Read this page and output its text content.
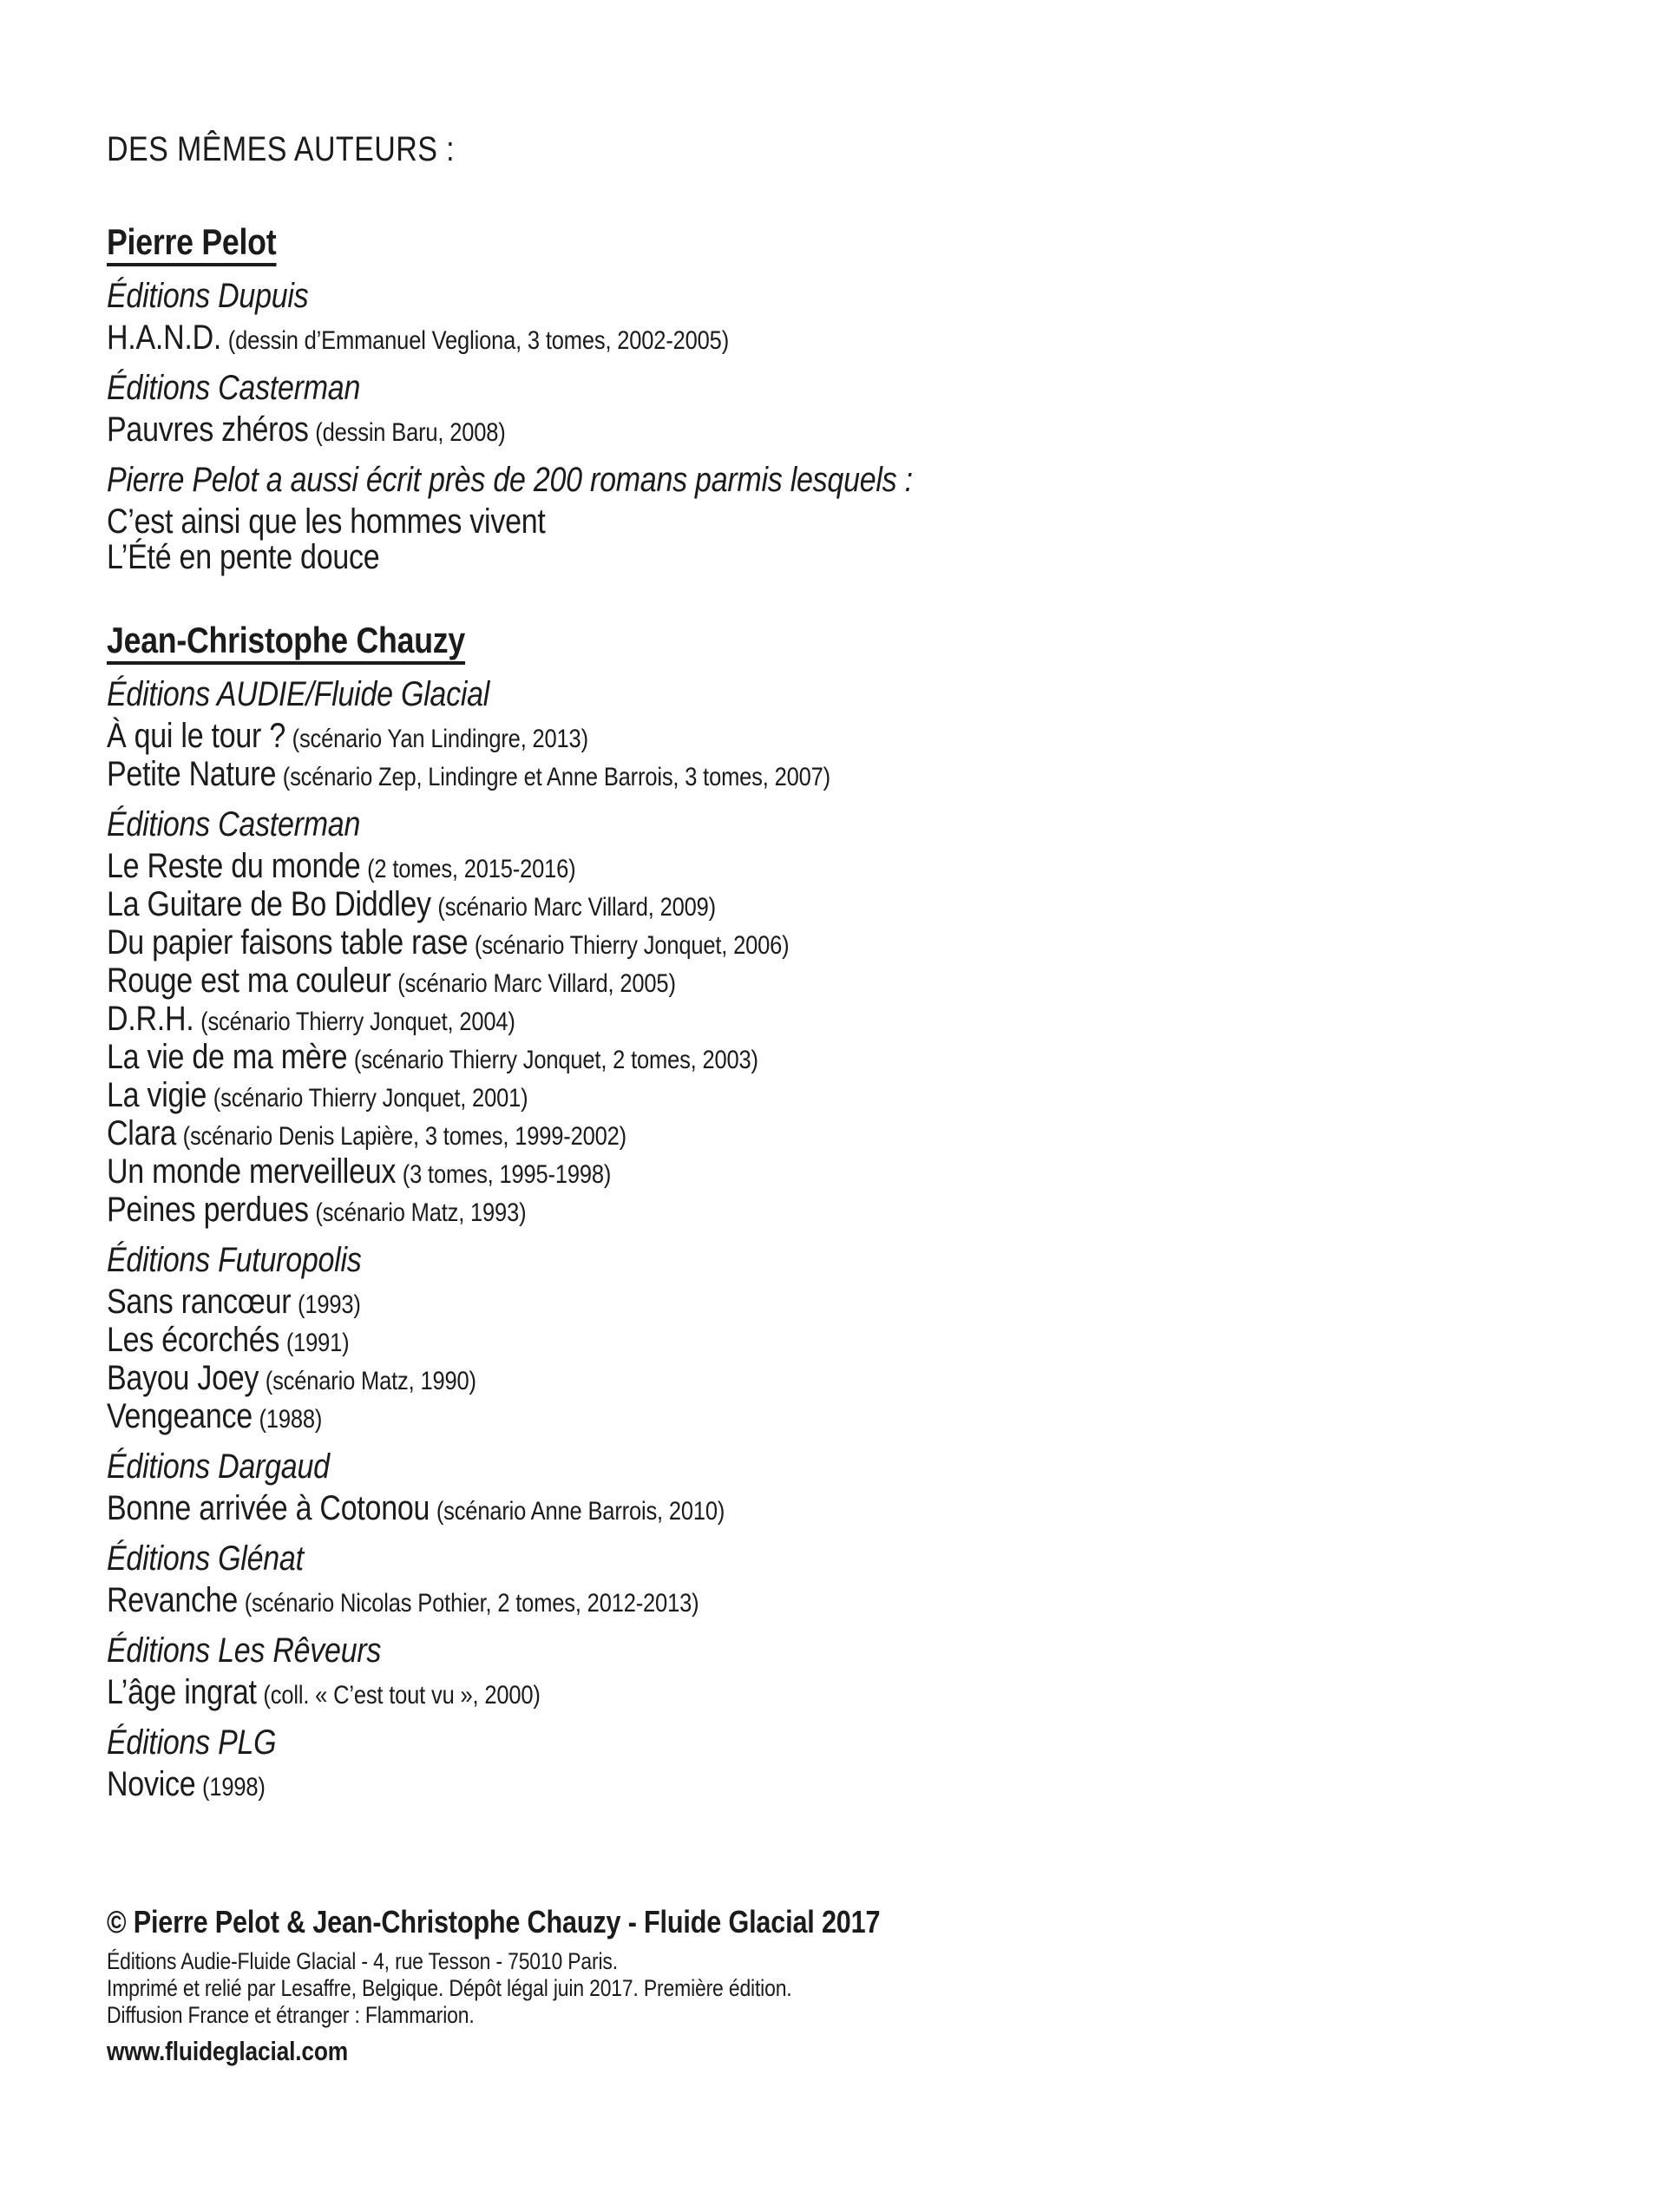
DES MÊMES AUTEURS :

Pierre Pelot

Éditions Dupuis

H.A.N.D. (dessin d’Emmanuel Vegliona, 3 tomes, 2002-2005)

Éditions Casterman

Pauvres zhéros (dessin Baru, 2008)

Pierre Pelot a aussi écrit près de 200 romans parmis lesquels :

C’est ainsi que les hommes vivent

L’Été en pente douce

Jean-Christophe Chauzy

Éditions AUDIE/Fluide Glacial

À qui le tour ? (scénario Yan Lindingre, 2013)

Petite Nature (scénario Zep, Lindingre et Anne Barrois, 3 tomes, 2007)

Éditions Casterman

Le Reste du monde (2 tomes, 2015-2016)

La Guitare de Bo Diddley (scénario Marc Villard, 2009)

Du papier faisons table rase (scénario Thierry Jonquet, 2006)

Rouge est ma couleur (scénario Marc Villard, 2005)

D.R.H. (scénario Thierry Jonquet, 2004)

La vie de ma mère (scénario Thierry Jonquet, 2 tomes, 2003)

La vigie (scénario Thierry Jonquet, 2001)

Clara (scénario Denis Lapière, 3 tomes, 1999-2002)

Un monde merveilleux (3 tomes, 1995-1998)

Peines perdues (scénario Matz, 1993)

Éditions Futuropolis

Sans rancœur (1993)

Les écorchés (1991)

Bayou Joey (scénario Matz, 1990)

Vengeance (1988)

Éditions Dargaud

Bonne arrivée à Cotonou (scénario Anne Barrois, 2010)

Éditions Glénat

Revanche (scénario Nicolas Pothier, 2 tomes, 2012-2013)

Éditions Les Rêveurs

L’âge ingrat (coll. « C’est tout vu », 2000)

Éditions PLG

Novice (1998)

© Pierre Pelot & Jean-Christophe Chauzy - Fluide Glacial 2017

Éditions Audie-Fluide Glacial - 4, rue Tesson - 75010 Paris.

Imprimé et relié par Lesaffre, Belgique. Dépôt légal juin 2017. Première édition.

Diffusion France et étranger : Flammarion.

www.fluideglacial.com
